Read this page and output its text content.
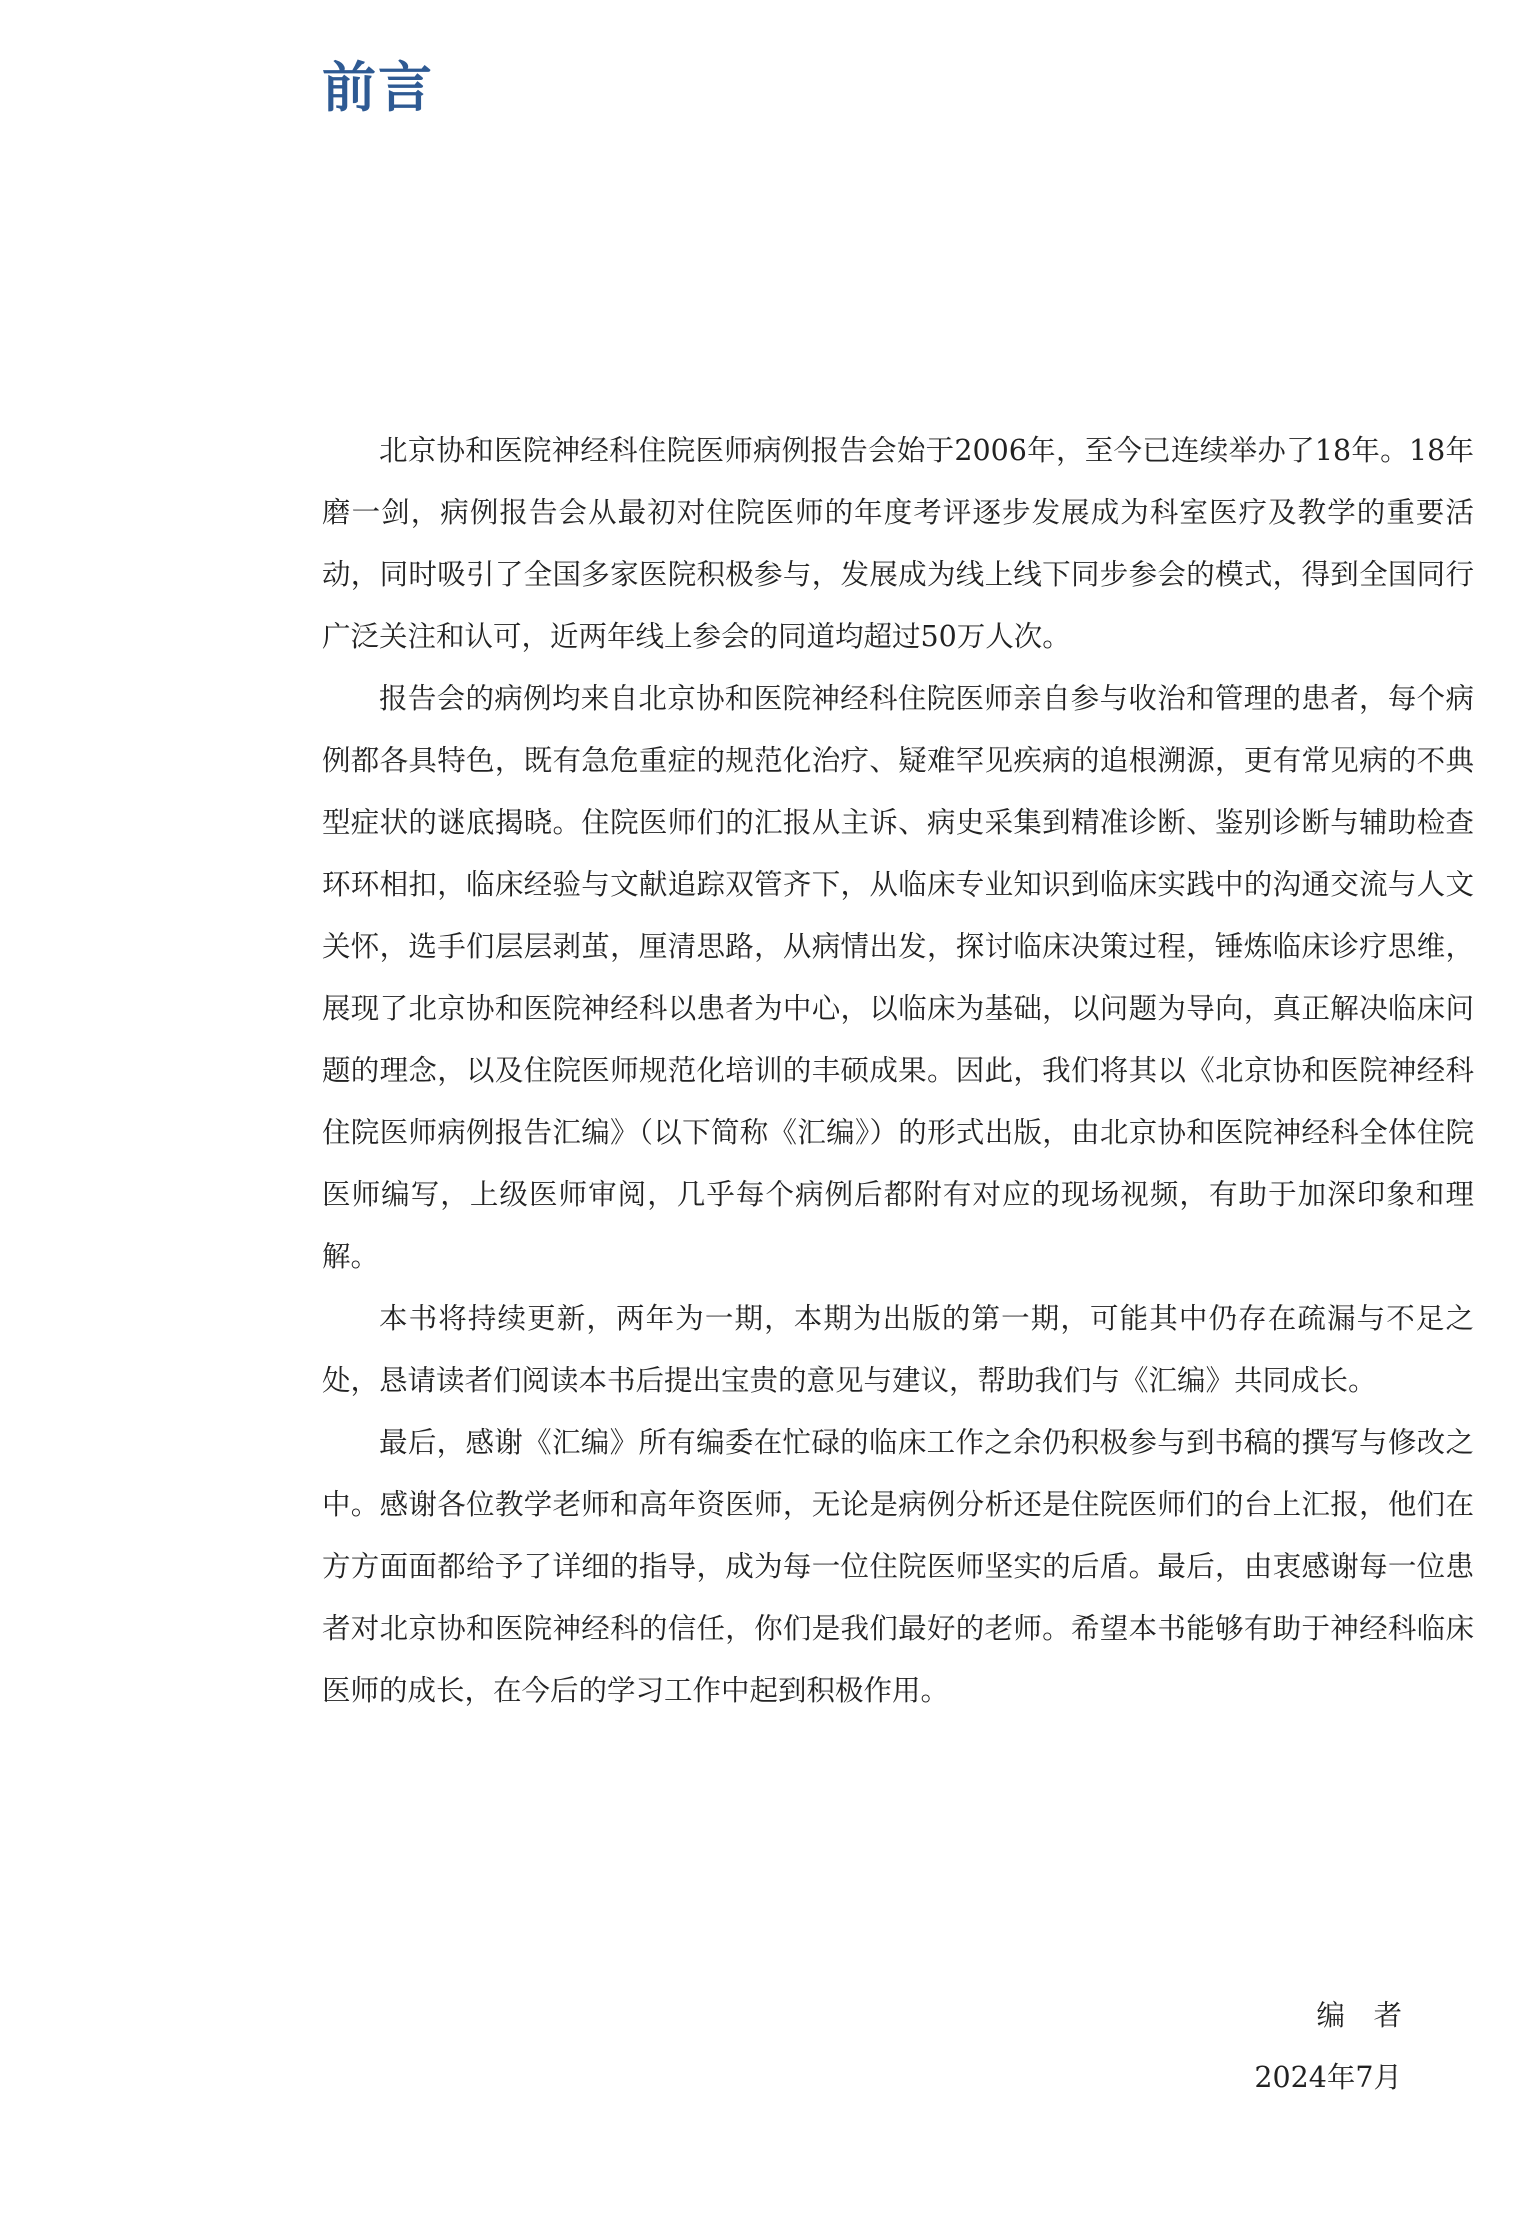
前言

北京协和医院神经科住院医师病例报告会始于2006年，至今已连续举办了18年。18年磨一剑，病例报告会从最初对住院医师的年度考评逐步发展成为科室医疗及教学的重要活动，同时吸引了全国多家医院积极参与，发展成为线上线下同步参会的模式，得到全国同行广泛关注和认可，近两年线上参会的同道均超过50万人次。

报告会的病例均来自北京协和医院神经科住院医师亲自参与收治和管理的患者，每个病例都各具特色，既有急危重症的规范化治疗、疑难罕见疾病的追根溯源，更有常见病的不典型症状的谜底揭晓。住院医师们的汇报从主诉、病史采集到精准诊断、鉴别诊断与辅助检查环环相扣，临床经验与文献追踪双管齐下，从临床专业知识到临床实践中的沟通交流与人文关怀，选手们层层剥茧，厘清思路，从病情出发，探讨临床决策过程，锤炼临床诊疗思维，展现了北京协和医院神经科以患者为中心，以临床为基础，以问题为导向，真正解决临床问题的理念，以及住院医师规范化培训的丰硕成果。因此，我们将其以《北京协和医院神经科住院医师病例报告汇编》（以下简称《汇编》）的形式出版，由北京协和医院神经科全体住院医师编写，上级医师审阅，几乎每个病例后都附有对应的现场视频，有助于加深印象和理解。

本书将持续更新，两年为一期，本期为出版的第一期，可能其中仍存在疏漏与不足之处，恳请读者们阅读本书后提出宝贵的意见与建议，帮助我们与《汇编》共同成长。

最后，感谢《汇编》所有编委在忙碌的临床工作之余仍积极参与到书稿的撰写与修改之中。感谢各位教学老师和高年资医师，无论是病例分析还是住院医师们的台上汇报，他们在方方面面都给予了详细的指导，成为每一位住院医师坚实的后盾。最后，由衷感谢每一位患者对北京协和医院神经科的信任，你们是我们最好的老师。希望本书能够有助于神经科临床医师的成长，在今后的学习工作中起到积极作用。

编　者
2024年7月
